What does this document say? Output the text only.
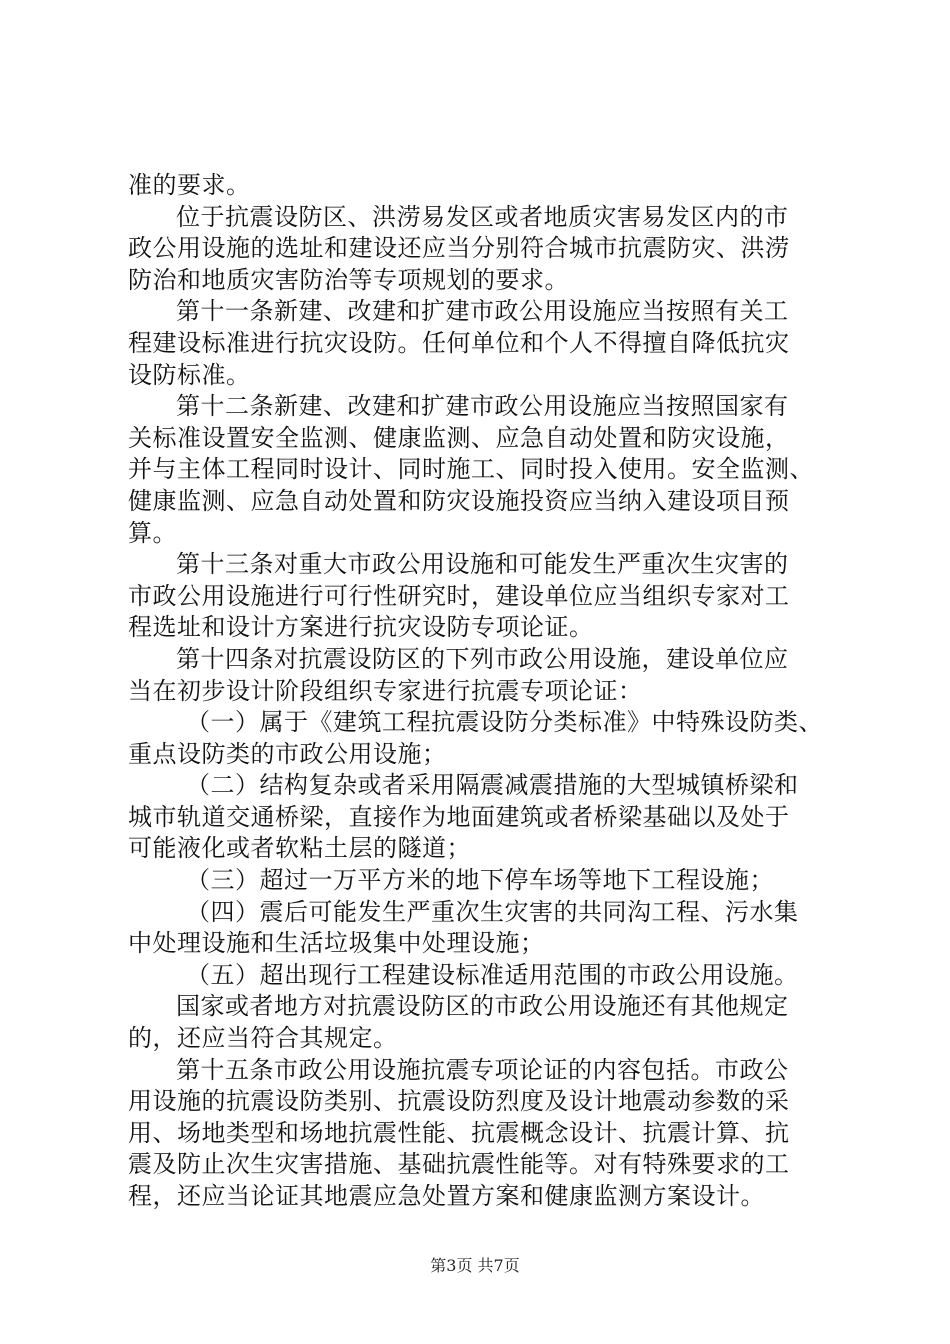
准的要求。
位于抗震设防区、洪涝易发区或者地质灾害易发区内的市
政公用设施的选址和建设还应当分别符合城市抗震防灾、洪涝
防治和地质灾害防治等专项规划的要求。
第十一条新建、改建和扩建市政公用设施应当按照有关工
程建设标准进行抗灾设防。任何单位和个人不得擅自降低抗灾
设防标准。
第十二条新建、改建和扩建市政公用设施应当按照国家有
关标准设置安全监测、健康监测、应急自动处置和防灾设施，
并与主体工程同时设计、同时施工、同时投入使用。安全监测、
健康监测、应急自动处置和防灾设施投资应当纳入建设项目预
算。
第十三条对重大市政公用设施和可能发生严重次生灾害的
市政公用设施进行可行性研究时，建设单位应当组织专家对工
程选址和设计方案进行抗灾设防专项论证。
第十四条对抗震设防区的下列市政公用设施，建设单位应
当在初步设计阶段组织专家进行抗震专项论证：
（一）属于《建筑工程抗震设防分类标准》中特殊设防类、
重点设防类的市政公用设施；
（二）结构复杂或者采用隔震减震措施的大型城镇桥梁和
城市轨道交通桥梁，直接作为地面建筑或者桥梁基础以及处于
可能液化或者软粘土层的隧道；
（三）超过一万平方米的地下停车场等地下工程设施；
（四）震后可能发生严重次生灾害的共同沟工程、污水集
中处理设施和生活垃圾集中处理设施；
（五）超出现行工程建设标准适用范围的市政公用设施。
国家或者地方对抗震设防区的市政公用设施还有其他规定
的，还应当符合其规定。
第十五条市政公用设施抗震专项论证的内容包括。市政公
用设施的抗震设防类别、抗震设防烈度及设计地震动参数的采
用、场地类型和场地抗震性能、抗震概念设计、抗震计算、抗
震及防止次生灾害措施、基础抗震性能等。对有特殊要求的工
程，还应当论证其地震应急处置方案和健康监测方案设计。
第3页 共7页
